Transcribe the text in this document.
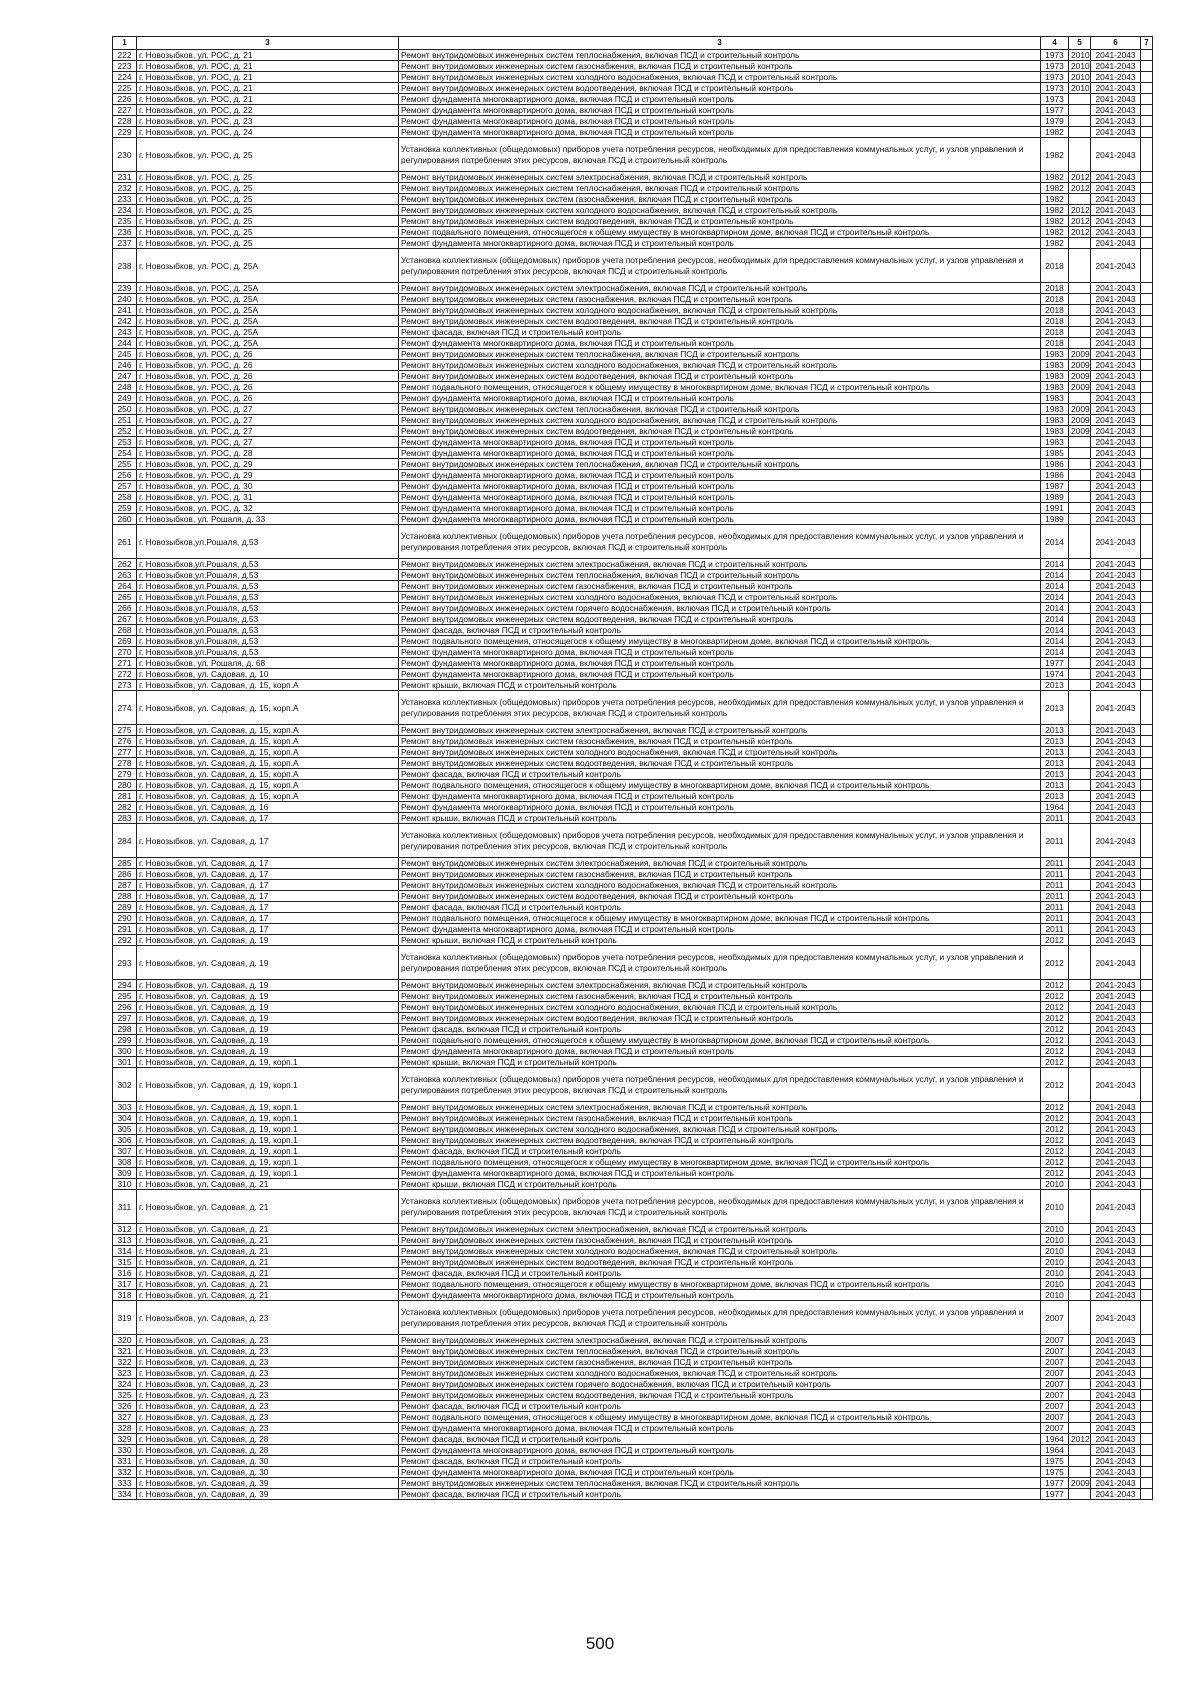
1	3	3	4	5	6	7
222	г. Новозыбков, ул. РОС, д. 21	Ремонт внутридомовых инженерных систем теплоснабжения, включая ПСД и строительный контроль	1973	2010	2041-2043	
223	г. Новозыбков, ул. РОС, д. 21	Ремонт внутридомовых инженерных систем газоснабжения, включая ПСД и строительный контроль	1973	2010	2041-2043	
224	г. Новозыбков, ул. РОС, д. 21	Ремонт внутридомовых инженерных систем холодного водоснабжения, включая ПСД и строительный контроль	1973	2010	2041-2043	
225	г. Новозыбков, ул. РОС, д. 21	Ремонт внутридомовых инженерных систем водоотведения, включая ПСД и строительный контроль	1973	2010	2041-2043	
226	г. Новозыбков, ул. РОС, д. 21	Ремонт фундамента многоквартирного дома, включая ПСД и строительный контроль	1973		2041-2043	
227	г. Новозыбков, ул. РОС, д. 22	Ремонт фундамента многоквартирного дома, включая ПСД и строительный контроль	1977		2041-2043	
228	г. Новозыбков, ул. РОС, д. 23	Ремонт фундамента многоквартирного дома, включая ПСД и строительный контроль	1979		2041-2043	
229	г. Новозыбков, ул. РОС, д. 24	Ремонт фундамента многоквартирного дома, включая ПСД и строительный контроль	1982		2041-2043	
230	г. Новозыбков, ул. РОС, д. 25	Установка коллективных (общедомовых) приборов учета потребления ресурсов, необходимых для предоставления коммунальных услуг, и узлов управления и регулирования потребления этих ресурсов, включая ПСД и строительный контроль	1982		2041-2043	
231	г. Новозыбков, ул. РОС, д. 25	Ремонт внутридомовых инженерных систем электроснабжения, включая ПСД и строительный контроль	1982	2012	2041-2043	
232	г. Новозыбков, ул. РОС, д. 25	Ремонт внутридомовых инженерных систем теплоснабжения, включая ПСД и строительный контроль	1982	2012	2041-2043	
233	г. Новозыбков, ул. РОС, д. 25	Ремонт внутридомовых инженерных систем газоснабжения, включая ПСД и строительный контроль	1982		2041-2043	
234	г. Новозыбков, ул. РОС, д. 25	Ремонт внутридомовых инженерных систем холодного водоснабжения, включая ПСД и строительный контроль	1982	2012	2041-2043	
235	г. Новозыбков, ул. РОС, д. 25	Ремонт внутридомовых инженерных систем водоотведения, включая ПСД и строительный контроль	1982	2012	2041-2043	
236	г. Новозыбков, ул. РОС, д. 25	Ремонт подвального помещения, относящегося к общему имуществу в многоквартирном доме, включая ПСД и строительный контроль	1982	2012	2041-2043	
237	г. Новозыбков, ул. РОС, д. 25	Ремонт фундамента многоквартирного дома, включая ПСД и строительный контроль	1982		2041-2043	
238	г. Новозыбков, ул. РОС, д. 25А	Установка коллективных (общедомовых) приборов учета потребления ресурсов, необходимых для предоставления коммунальных услуг, и узлов управления и регулирования потребления этих ресурсов, включая ПСД и строительный контроль	2018		2041-2043	
239	г. Новозыбков, ул. РОС, д. 25А	Ремонт внутридомовых инженерных систем электроснабжения, включая ПСД и строительный контроль	2018		2041-2043	
240	г. Новозыбков, ул. РОС, д. 25А	Ремонт внутридомовых инженерных систем газоснабжения, включая ПСД и строительный контроль	2018		2041-2043	
241	г. Новозыбков, ул. РОС, д. 25А	Ремонт внутридомовых инженерных систем холодного водоснабжения, включая ПСД и строительный контроль	2018		2041-2043	
242	г. Новозыбков, ул. РОС, д. 25А	Ремонт внутридомовых инженерных систем водоотведения, включая ПСД и строительный контроль	2018		2041-2043	
243	г. Новозыбков, ул. РОС, д. 25А	Ремонт фасада, включая ПСД и строительный контроль	2018		2041-2043	
244	г. Новозыбков, ул. РОС, д. 25А	Ремонт фундамента многоквартирного дома, включая ПСД и строительный контроль	2018		2041-2043	
245	г. Новозыбков, ул. РОС, д. 26	Ремонт внутридомовых инженерных систем теплоснабжения, включая ПСД и строительный контроль	1983	2009	2041-2043	
246	г. Новозыбков, ул. РОС, д. 26	Ремонт внутридомовых инженерных систем холодного водоснабжения, включая ПСД и строительный контроль	1983	2009	2041-2043	
247	г. Новозыбков, ул. РОС, д. 26	Ремонт внутридомовых инженерных систем водоотведения, включая ПСД и строительный контроль	1983	2009	2041-2043	
248	г. Новозыбков, ул. РОС, д. 26	Ремонт подвального помещения, относящегося к общему имуществу в многоквартирном доме, включая ПСД и строительный контроль	1983	2009	2041-2043	
249	г. Новозыбков, ул. РОС, д. 26	Ремонт фундамента многоквартирного дома, включая ПСД и строительный контроль	1983		2041-2043	
250	г. Новозыбков, ул. РОС, д. 27	Ремонт внутридомовых инженерных систем теплоснабжения, включая ПСД и строительный контроль	1983	2009	2041-2043	
251	г. Новозыбков, ул. РОС, д. 27	Ремонт внутридомовых инженерных систем холодного водоснабжения, включая ПСД и строительный контроль	1983	2009	2041-2043	
252	г. Новозыбков, ул. РОС, д. 27	Ремонт внутридомовых инженерных систем водоотведения, включая ПСД и строительный контроль	1983	2009	2041-2043	
253	г. Новозыбков, ул. РОС, д. 27	Ремонт фундамента многоквартирного дома, включая ПСД и строительный контроль	1983		2041-2043	
254	г. Новозыбков, ул. РОС, д. 28	Ремонт фундамента многоквартирного дома, включая ПСД и строительный контроль	1985		2041-2043	
255	г. Новозыбков, ул. РОС, д. 29	Ремонт внутридомовых инженерных систем теплоснабжения, включая ПСД и строительный контроль	1986		2041-2043	
256	г. Новозыбков, ул. РОС, д. 29	Ремонт фундамента многоквартирного дома, включая ПСД и строительный контроль	1986		2041-2043	
257	г. Новозыбков, ул. РОС, д. 30	Ремонт фундамента многоквартирного дома, включая ПСД и строительный контроль	1987		2041-2043	
258	г. Новозыбков, ул. РОС, д. 31	Ремонт фундамента многоквартирного дома, включая ПСД и строительный контроль	1989		2041-2043	
259	г. Новозыбков, ул. РОС, д. 32	Ремонт фундамента многоквартирного дома, включая ПСД и строительный контроль	1991		2041-2043	
260	г. Новозыбков, ул. Рошаля, д. 33	Ремонт фундамента многоквартирного дома, включая ПСД и строительный контроль	1989		2041-2043	
261	г. Новозыбков,ул.Рошаля, д.53	Установка коллективных (общедомовых) приборов учета потребления ресурсов, необходимых для предоставления коммунальных услуг, и узлов управления и регулирования потребления этих ресурсов, включая ПСД и строительный контроль	2014		2041-2043	
262	г. Новозыбков,ул.Рошаля, д.53	Ремонт внутридомовых инженерных систем электроснабжения, включая ПСД и строительный контроль	2014		2041-2043	
263	г. Новозыбков,ул.Рошаля, д.53	Ремонт внутридомовых инженерных систем теплоснабжения, включая ПСД и строительный контроль	2014		2041-2043	
264	г. Новозыбков,ул.Рошаля, д.53	Ремонт внутридомовых инженерных систем газоснабжения, включая ПСД и строительный контроль	2014		2041-2043	
265	г. Новозыбков,ул.Рошаля, д.53	Ремонт внутридомовых инженерных систем холодного водоснабжения, включая ПСД и строительный контроль	2014		2041-2043	
266	г. Новозыбков,ул.Рошаля, д.53	Ремонт внутридомовых инженерных систем горячего водоснабжения, включая ПСД и строительный контроль	2014		2041-2043	
267	г. Новозыбков,ул.Рошаля, д.53	Ремонт внутридомовых инженерных систем водоотведения, включая ПСД и строительный контроль	2014		2041-2043	
268	г. Новозыбков,ул.Рошаля, д.53	Ремонт фасада, включая ПСД и строительный контроль	2014		2041-2043	
269	г. Новозыбков,ул.Рошаля, д.53	Ремонт подвального помещения, относящегося к общему имуществу в многоквартирном доме, включая ПСД и строительный контроль	2014		2041-2043	
270	г. Новозыбков,ул.Рошаля, д.53	Ремонт фундамента многоквартирного дома, включая ПСД и строительный контроль	2014		2041-2043	
271	г. Новозыбков, ул. Рошаля, д. 68	Ремонт фундамента многоквартирного дома, включая ПСД и строительный контроль	1977		2041-2043	
272	г. Новозыбков, ул. Садовая, д. 10	Ремонт фундамента многоквартирного дома, включая ПСД и строительный контроль	1974		2041-2043	
273	г. Новозыбков, ул. Садовая, д. 15, корп.А	Ремонт крыши, включая ПСД и строительный контроль	2013		2041-2043	
274	г. Новозыбков, ул. Садовая, д. 15, корп.А	Установка коллективных (общедомовых) приборов учета потребления ресурсов, необходимых для предоставления коммунальных услуг, и узлов управления и регулирования потребления этих ресурсов, включая ПСД и строительный контроль	2013		2041-2043	
275	г. Новозыбков, ул. Садовая, д. 15, корп.А	Ремонт внутридомовых инженерных систем электроснабжения, включая ПСД и строительный контроль	2013		2041-2043	
276	г. Новозыбков, ул. Садовая, д. 15, корп.А	Ремонт внутридомовых инженерных систем газоснабжения, включая ПСД и строительный контроль	2013		2041-2043	
277	г. Новозыбков, ул. Садовая, д. 15, корп.А	Ремонт внутридомовых инженерных систем холодного водоснабжения, включая ПСД и строительный контроль	2013		2041-2043	
278	г. Новозыбков, ул. Садовая, д. 15, корп.А	Ремонт внутридомовых инженерных систем водоотведения, включая ПСД и строительный контроль	2013		2041-2043	
279	г. Новозыбков, ул. Садовая, д. 15, корп.А	Ремонт фасада, включая ПСД и строительный контроль	2013		2041-2043	
280	г. Новозыбков, ул. Садовая, д. 15, корп.А	Ремонт подвального помещения, относящегося к общему имуществу в многоквартирном доме, включая ПСД и строительный контроль	2013		2041-2043	
281	г. Новозыбков, ул. Садовая, д. 15, корп.А	Ремонт фундамента многоквартирного дома, включая ПСД и строительный контроль	2013		2041-2043	
282	г. Новозыбков, ул. Садовая, д. 16	Ремонт фундамента многоквартирного дома, включая ПСД и строительный контроль	1964		2041-2043	
283	г. Новозыбков, ул. Садовая, д. 17	Ремонт крыши, включая ПСД и строительный контроль	2011		2041-2043	
284	г. Новозыбков, ул. Садовая, д. 17	Установка коллективных (общедомовых) приборов учета потребления ресурсов, необходимых для предоставления коммунальных услуг, и узлов управления и регулирования потребления этих ресурсов, включая ПСД и строительный контроль	2011		2041-2043	
285	г. Новозыбков, ул. Садовая, д. 17	Ремонт внутридомовых инженерных систем электроснабжения, включая ПСД и строительный контроль	2011		2041-2043	
286	г. Новозыбков, ул. Садовая, д. 17	Ремонт внутридомовых инженерных систем газоснабжения, включая ПСД и строительный контроль	2011		2041-2043	
287	г. Новозыбков, ул. Садовая, д. 17	Ремонт внутридомовых инженерных систем холодного водоснабжения, включая ПСД и строительный контроль	2011		2041-2043	
288	г. Новозыбков, ул. Садовая, д. 17	Ремонт внутридомовых инженерных систем водоотведения, включая ПСД и строительный контроль	2011		2041-2043	
289	г. Новозыбков, ул. Садовая, д. 17	Ремонт фасада, включая ПСД и строительный контроль	2011		2041-2043	
290	г. Новозыбков, ул. Садовая, д. 17	Ремонт подвального помещения, относящегося к общему имуществу в многоквартирном доме, включая ПСД и строительный контроль	2011		2041-2043	
291	г. Новозыбков, ул. Садовая, д. 17	Ремонт фундамента многоквартирного дома, включая ПСД и строительный контроль	2011		2041-2043	
292	г. Новозыбков, ул. Садовая, д. 19	Ремонт крыши, включая ПСД и строительный контроль	2012		2041-2043	
293	г. Новозыбков, ул. Садовая, д. 19	Установка коллективных (общедомовых) приборов учета потребления ресурсов, необходимых для предоставления коммунальных услуг, и узлов управления и регулирования потребления этих ресурсов, включая ПСД и строительный контроль	2012		2041-2043	
294	г. Новозыбков, ул. Садовая, д. 19	Ремонт внутридомовых инженерных систем электроснабжения, включая ПСД и строительный контроль	2012		2041-2043	
295	г. Новозыбков, ул. Садовая, д. 19	Ремонт внутридомовых инженерных систем газоснабжения, включая ПСД и строительный контроль	2012		2041-2043	
296	г. Новозыбков, ул. Садовая, д. 19	Ремонт внутридомовых инженерных систем холодного водоснабжения, включая ПСД и строительный контроль	2012		2041-2043	
297	г. Новозыбков, ул. Садовая, д. 19	Ремонт внутридомовых инженерных систем водоотведения, включая ПСД и строительный контроль	2012		2041-2043	
298	г. Новозыбков, ул. Садовая, д. 19	Ремонт фасада, включая ПСД и строительный контроль	2012		2041-2043	
299	г. Новозыбков, ул. Садовая, д. 19	Ремонт подвального помещения, относящегося к общему имуществу в многоквартирном доме, включая ПСД и строительный контроль	2012		2041-2043	
300	г. Новозыбков, ул. Садовая, д. 19	Ремонт фундамента многоквартирного дома, включая ПСД и строительный контроль	2012		2041-2043	
301	г. Новозыбков, ул. Садовая, д. 19, корп.1	Ремонт крыши, включая ПСД и строительный контроль	2012		2041-2043	
302	г. Новозыбков, ул. Садовая, д. 19, корп.1	Установка коллективных (общедомовых) приборов учета потребления ресурсов, необходимых для предоставления коммунальных услуг, и узлов управления и регулирования потребления этих ресурсов, включая ПСД и строительный контроль	2012		2041-2043	
303	г. Новозыбков, ул. Садовая, д. 19, корп.1	Ремонт внутридомовых инженерных систем электроснабжения, включая ПСД и строительный контроль	2012		2041-2043	
304	г. Новозыбков, ул. Садовая, д. 19, корп.1	Ремонт внутридомовых инженерных систем газоснабжения, включая ПСД и строительный контроль	2012		2041-2043	
305	г. Новозыбков, ул. Садовая, д. 19, корп.1	Ремонт внутридомовых инженерных систем холодного водоснабжения, включая ПСД и строительный контроль	2012		2041-2043	
306	г. Новозыбков, ул. Садовая, д. 19, корп.1	Ремонт внутридомовых инженерных систем водоотведения, включая ПСД и строительный контроль	2012		2041-2043	
307	г. Новозыбков, ул. Садовая, д. 19, корп.1	Ремонт фасада, включая ПСД и строительный контроль	2012		2041-2043	
308	г. Новозыбков, ул. Садовая, д. 19, корп.1	Ремонт подвального помещения, относящегося к общему имуществу в многоквартирном доме, включая ПСД и строительный контроль	2012		2041-2043	
309	г. Новозыбков, ул. Садовая, д. 19, корп.1	Ремонт фундамента многоквартирного дома, включая ПСД и строительный контроль	2012		2041-2043	
310	г. Новозыбков, ул. Садовая, д. 21	Ремонт крыши, включая ПСД и строительный контроль	2010		2041-2043	
311	г. Новозыбков, ул. Садовая, д. 21	Установка коллективных (общедомовых) приборов учета потребления ресурсов, необходимых для предоставления коммунальных услуг, и узлов управления и регулирования потребления этих ресурсов, включая ПСД и строительный контроль	2010		2041-2043	
312	г. Новозыбков, ул. Садовая, д. 21	Ремонт внутридомовых инженерных систем электроснабжения, включая ПСД и строительный контроль	2010		2041-2043	
313	г. Новозыбков, ул. Садовая, д. 21	Ремонт внутридомовых инженерных систем газоснабжения, включая ПСД и строительный контроль	2010		2041-2043	
314	г. Новозыбков, ул. Садовая, д. 21	Ремонт внутридомовых инженерных систем холодного водоснабжения, включая ПСД и строительный контроль	2010		2041-2043	
315	г. Новозыбков, ул. Садовая, д. 21	Ремонт внутридомовых инженерных систем водоотведения, включая ПСД и строительный контроль	2010		2041-2043	
316	г. Новозыбков, ул. Садовая, д. 21	Ремонт фасада, включая ПСД и строительный контроль	2010		2041-2043	
317	г. Новозыбков, ул. Садовая, д. 21	Ремонт подвального помещения, относящегося к общему имуществу в многоквартирном доме, включая ПСД и строительный контроль	2010		2041-2043	
318	г. Новозыбков, ул. Садовая, д. 21	Ремонт фундамента многоквартирного дома, включая ПСД и строительный контроль	2010		2041-2043	
319	г. Новозыбков, ул. Садовая, д. 23	Установка коллективных (общедомовых) приборов учета потребления ресурсов, необходимых для предоставления коммунальных услуг, и узлов управления и регулирования потребления этих ресурсов, включая ПСД и строительный контроль	2007		2041-2043	
320	г. Новозыбков, ул. Садовая, д. 23	Ремонт внутридомовых инженерных систем электроснабжения, включая ПСД и строительный контроль	2007		2041-2043	
321	г. Новозыбков, ул. Садовая, д. 23	Ремонт внутридомовых инженерных систем теплоснабжения, включая ПСД и строительный контроль	2007		2041-2043	
322	г. Новозыбков, ул. Садовая, д. 23	Ремонт внутридомовых инженерных систем газоснабжения, включая ПСД и строительный контроль	2007		2041-2043	
323	г. Новозыбков, ул. Садовая, д. 23	Ремонт внутридомовых инженерных систем холодного водоснабжения, включая ПСД и строительный контроль	2007		2041-2043	
324	г. Новозыбков, ул. Садовая, д. 23	Ремонт внутридомовых инженерных систем горячего водоснабжения, включая ПСД и строительный контроль	2007		2041-2043	
325	г. Новозыбков, ул. Садовая, д. 23	Ремонт внутридомовых инженерных систем водоотведения, включая ПСД и строительный контроль	2007		2041-2043	
326	г. Новозыбков, ул. Садовая, д. 23	Ремонт фасада, включая ПСД и строительный контроль	2007		2041-2043	
327	г. Новозыбков, ул. Садовая, д. 23	Ремонт подвального помещения, относящегося к общему имуществу в многоквартирном доме, включая ПСД и строительный контроль	2007		2041-2043	
328	г. Новозыбков, ул. Садовая, д. 23	Ремонт фундамента многоквартирного дома, включая ПСД и строительный контроль	2007		2041-2043	
329	г. Новозыбков, ул. Садовая, д. 28	Ремонт фасада, включая ПСД и строительный контроль	1964	2012	2041-2043	
330	г. Новозыбков, ул. Садовая, д. 28	Ремонт фундамента многоквартирного дома, включая ПСД и строительный контроль	1964		2041-2043	
331	г. Новозыбков, ул. Садовая, д. 30	Ремонт фасада, включая ПСД и строительный контроль	1975		2041-2043	
332	г. Новозыбков, ул. Садовая, д. 30	Ремонт фундамента многоквартирного дома, включая ПСД и строительный контроль	1975		2041-2043	
333	г. Новозыбков, ул. Садовая, д. 39	Ремонт внутридомовых инженерных систем теплоснабжения, включая ПСД и строительный контроль	1977	2009	2041-2043	
334	г. Новозыбков, ул. Садовая, д. 39	Ремонт фасада, включая ПСД и строительный контроль	1977		2041-2043	
500
